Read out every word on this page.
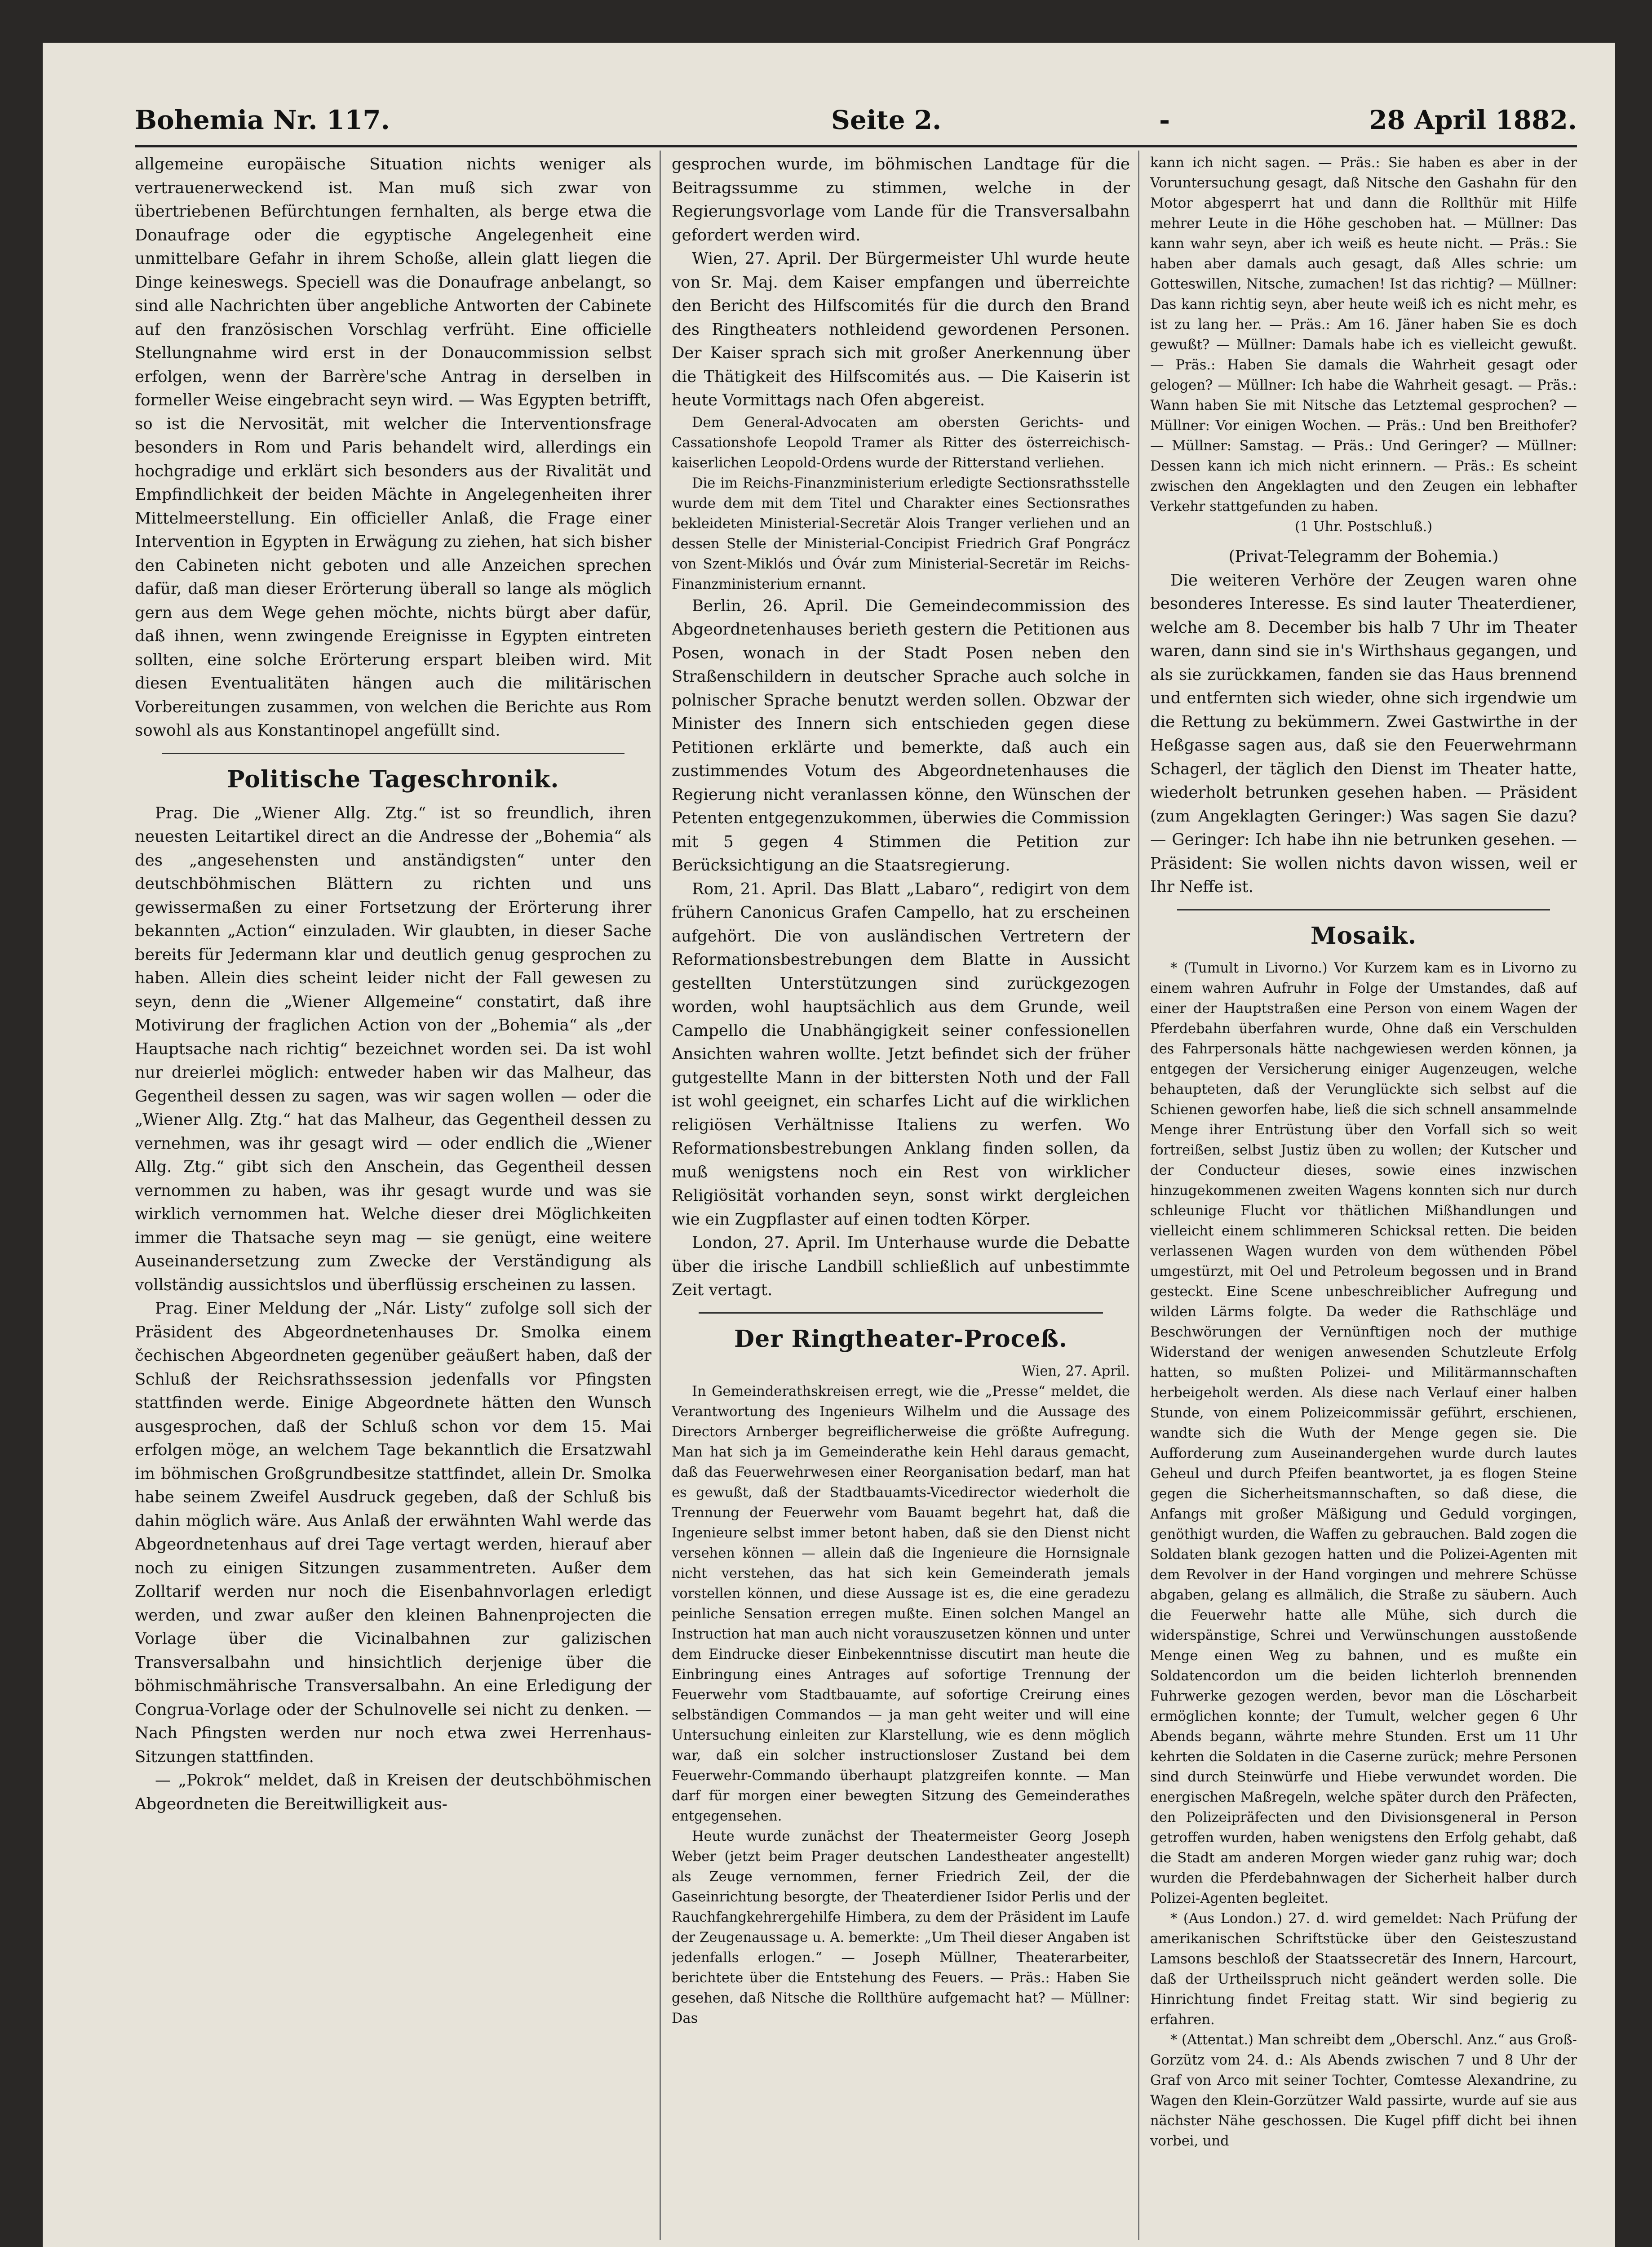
Bohemia Nr. 117.	Seite 2.	-	28 April 1882.

allgemeine europäische Situation nichts weniger als vertrauenerweckend ist. Man muß sich zwar von übertriebenen Befürchtungen fernhalten, als berge etwa die Donaufrage oder die egyptische Angelegenheit eine unmittelbare Gefahr in ihrem Schoße, allein glatt liegen die Dinge keineswegs. Speciell was die Donaufrage anbelangt, so sind alle Nachrichten über angebliche Antworten der Cabinete auf den französischen Vorschlag verfrüht. Eine officielle Stellungnahme wird erst in der Donaucommission selbst erfolgen, wenn der Barrère'sche Antrag in derselben in formeller Weise eingebracht seyn wird. — Was Egypten betrifft, so ist die Nervosität, mit welcher die Interventionsfrage besonders in Rom und Paris behandelt wird, allerdings ein hochgradige und erklärt sich besonders aus der Rivalität und Empfindlichkeit der beiden Mächte in Angelegenheiten ihrer Mittelmeerstellung. Ein officieller Anlaß, die Frage einer Intervention in Egypten in Erwägung zu ziehen, hat sich bisher den Cabineten nicht geboten und alle Anzeichen sprechen dafür, daß man dieser Erörterung überall so lange als möglich gern aus dem Wege gehen möchte, nichts bürgt aber dafür, daß ihnen, wenn zwingende Ereignisse in Egypten eintreten sollten, eine solche Erörterung erspart bleiben wird. Mit diesen Eventualitäten hängen auch die militärischen Vorbereitungen zusammen, von welchen die Berichte aus Rom sowohl als aus Konstantinopel angefüllt sind.

Politische Tageschronik.

Prag. Die „Wiener Allg. Ztg.“ ist so freundlich, ihren neuesten Leitartikel direct an die Andresse der „Bohemia“ als des „angesehensten und anständigsten“ unter den deutschböhmischen Blättern zu richten und uns gewissermaßen zu einer Fortsetzung der Erörterung ihrer bekannten „Action“ einzuladen. Wir glaubten, in dieser Sache bereits für Jedermann klar und deutlich genug gesprochen zu haben. Allein dies scheint leider nicht der Fall gewesen zu seyn, denn die „Wiener Allgemeine“ constatirt, daß ihre Motivirung der fraglichen Action von der „Bohemia“ als „der Hauptsache nach richtig“ bezeichnet worden sei. Da ist wohl nur dreierlei möglich: entweder haben wir das Malheur, das Gegentheil dessen zu sagen, was wir sagen wollen — oder die „Wiener Allg. Ztg.“ hat das Malheur, das Gegentheil dessen zu vernehmen, was ihr gesagt wird — oder endlich die „Wiener Allg. Ztg.“ gibt sich den Anschein, das Gegentheil dessen vernommen zu haben, was ihr gesagt wurde und was sie wirklich vernommen hat. Welche dieser drei Möglichkeiten immer die Thatsache seyn mag — sie genügt, eine weitere Auseinandersetzung zum Zwecke der Verständigung als vollständig aussichtslos und überflüssig erscheinen zu lassen.

Prag. Einer Meldung der „Nár. Listy“ zufolge soll sich der Präsident des Abgeordnetenhauses Dr. Smolka einem čechischen Abgeordneten gegenüber geäußert haben, daß der Schluß der Reichsrathssession jedenfalls vor Pfingsten stattfinden werde. Einige Abgeordnete hätten den Wunsch ausgesprochen, daß der Schluß schon vor dem 15. Mai erfolgen möge, an welchem Tage bekanntlich die Ersatzwahl im böhmischen Großgrundbesitze stattfindet, allein Dr. Smolka habe seinem Zweifel Ausdruck gegeben, daß der Schluß bis dahin möglich wäre. Aus Anlaß der erwähnten Wahl werde das Abgeordnetenhaus auf drei Tage vertagt werden, hierauf aber noch zu einigen Sitzungen zusammentreten. Außer dem Zolltarif werden nur noch die Eisenbahnvorlagen erledigt werden, und zwar außer den kleinen Bahnenprojecten die Vorlage über die Vicinalbahnen zur galizischen Transversalbahn und hinsichtlich derjenige über die böhmischmährische Transversalbahn. An eine Erledigung der Congrua-Vorlage oder der Schulnovelle sei nicht zu denken. — Nach Pfingsten werden nur noch etwa zwei Herrenhaus-Sitzungen stattfinden.

— „Pokrok“ meldet, daß in Kreisen der deutschböhmischen Abgeordneten die Bereitwilligkeit aus-

gesprochen wurde, im böhmischen Landtage für die Beitragssumme zu stimmen, welche in der Regierungsvorlage vom Lande für die Transversalbahn gefordert werden wird.

Wien, 27. April. Der Bürgermeister Uhl wurde heute von Sr. Maj. dem Kaiser empfangen und überreichte den Bericht des Hilfscomités für die durch den Brand des Ringtheaters nothleidend gewordenen Personen. Der Kaiser sprach sich mit großer Anerkennung über die Thätigkeit des Hilfscomités aus. — Die Kaiserin ist heute Vormittags nach Ofen abgereist.

Dem General-Advocaten am obersten Gerichts- und Cassationshofe Leopold Tramer als Ritter des österreichisch-kaiserlichen Leopold-Ordens wurde der Ritterstand verliehen.

Die im Reichs-Finanzministerium erledigte Sectionsrathsstelle wurde dem mit dem Titel und Charakter eines Sectionsrathes bekleideten Ministerial-Secretär Alois Tranger verliehen und an dessen Stelle der Ministerial-Concipist Friedrich Graf Pongrácz von Szent-Miklós und Óvár zum Ministerial-Secretär im Reichs-Finanzministerium ernannt.

Berlin, 26. April. Die Gemeindecommission des Abgeordnetenhauses berieth gestern die Petitionen aus Posen, wonach in der Stadt Posen neben den Straßenschildern in deutscher Sprache auch solche in polnischer Sprache benutzt werden sollen. Obzwar der Minister des Innern sich entschieden gegen diese Petitionen erklärte und bemerkte, daß auch ein zustimmendes Votum des Abgeordnetenhauses die Regierung nicht veranlassen könne, den Wünschen der Petenten entgegenzukommen, überwies die Commission mit 5 gegen 4 Stimmen die Petition zur Berücksichtigung an die Staatsregierung.

Rom, 21. April. Das Blatt „Labaro“, redigirt von dem frühern Canonicus Grafen Campello, hat zu erscheinen aufgehört. Die von ausländischen Vertretern der Reformationsbestrebungen dem Blatte in Aussicht gestellten Unterstützungen sind zurückgezogen worden, wohl hauptsächlich aus dem Grunde, weil Campello die Unabhängigkeit seiner confessionellen Ansichten wahren wollte. Jetzt befindet sich der früher gutgestellte Mann in der bittersten Noth und der Fall ist wohl geeignet, ein scharfes Licht auf die wirklichen religiösen Verhältnisse Italiens zu werfen. Wo Reformationsbestrebungen Anklang finden sollen, da muß wenigstens noch ein Rest von wirklicher Religiösität vorhanden seyn, sonst wirkt dergleichen wie ein Zugpflaster auf einen todten Körper.

London, 27. April. Im Unterhause wurde die Debatte über die irische Landbill schließlich auf unbestimmte Zeit vertagt.

Der Ringtheater-Proceß.

Wien, 27. April.

In Gemeinderathskreisen erregt, wie die „Presse“ meldet, die Verantwortung des Ingenieurs Wilhelm und die Aussage des Directors Arnberger begreiflicherweise die größte Aufregung. Man hat sich ja im Gemeinderathe kein Hehl daraus gemacht, daß das Feuerwehrwesen einer Reorganisation bedarf, man hat es gewußt, daß der Stadtbauamts-Vicedirector wiederholt die Trennung der Feuerwehr vom Bauamt begehrt hat, daß die Ingenieure selbst immer betont haben, daß sie den Dienst nicht versehen können — allein daß die Ingenieure die Hornsignale nicht verstehen, das hat sich kein Gemeinderath jemals vorstellen können, und diese Aussage ist es, die eine geradezu peinliche Sensation erregen mußte. Einen solchen Mangel an Instruction hat man auch nicht vorauszusetzen können und unter dem Eindrucke dieser Einbekenntnisse discutirt man heute die Einbringung eines Antrages auf sofortige Trennung der Feuerwehr vom Stadtbauamte, auf sofortige Creirung eines selbständigen Commandos — ja man geht weiter und will eine Untersuchung einleiten zur Klarstellung, wie es denn möglich war, daß ein solcher instructionsloser Zustand bei dem Feuerwehr-Commando überhaupt platzgreifen konnte. — Man darf für morgen einer bewegten Sitzung des Gemeinderathes entgegensehen.

Heute wurde zunächst der Theatermeister Georg Joseph Weber (jetzt beim Prager deutschen Landestheater angestellt) als Zeuge vernommen, ferner Friedrich Zeil, der die Gaseinrichtung besorgte, der Theaterdiener Isidor Perlis und der Rauchfangkehrergehilfe Himbera, zu dem der Präsident im Laufe der Zeugenaussage u. A. bemerkte: „Um Theil dieser Angaben ist jedenfalls erlogen.“ — Joseph Müllner, Theaterarbeiter, berichtete über die Entstehung des Feuers. — Präs.: Haben Sie gesehen, daß Nitsche die Rollthüre aufgemacht hat? — Müllner: Das

kann ich nicht sagen. — Präs.: Sie haben es aber in der Voruntersuchung gesagt, daß Nitsche den Gashahn für den Motor abgesperrt hat und dann die Rollthür mit Hilfe mehrer Leute in die Höhe geschoben hat. — Müllner: Das kann wahr seyn, aber ich weiß es heute nicht. — Präs.: Sie haben aber damals auch gesagt, daß Alles schrie: um Gotteswillen, Nitsche, zumachen! Ist das richtig? — Müllner: Das kann richtig seyn, aber heute weiß ich es nicht mehr, es ist zu lang her. — Präs.: Am 16. Jäner haben Sie es doch gewußt? — Müllner: Damals habe ich es vielleicht gewußt. — Präs.: Haben Sie damals die Wahrheit gesagt oder gelogen? — Müllner: Ich habe die Wahrheit gesagt. — Präs.: Wann haben Sie mit Nitsche das Letztemal gesprochen? — Müllner: Vor einigen Wochen. — Präs.: Und ben Breithofer? — Müllner: Samstag. — Präs.: Und Geringer? — Müllner: Dessen kann ich mich nicht erinnern. — Präs.: Es scheint zwischen den Angeklagten und den Zeugen ein lebhafter Verkehr stattgefunden zu haben.

(1 Uhr. Postschluß.)

(Privat-Telegramm der Bohemia.)

Die weiteren Verhöre der Zeugen waren ohne besonderes Interesse. Es sind lauter Theaterdiener, welche am 8. December bis halb 7 Uhr im Theater waren, dann sind sie in's Wirthshaus gegangen, und als sie zurückkamen, fanden sie das Haus brennend und entfernten sich wieder, ohne sich irgendwie um die Rettung zu bekümmern. Zwei Gastwirthe in der Heßgasse sagen aus, daß sie den Feuerwehrmann Schagerl, der täglich den Dienst im Theater hatte, wiederholt betrunken gesehen haben. — Präsident (zum Angeklagten Geringer:) Was sagen Sie dazu? — Geringer: Ich habe ihn nie betrunken gesehen. — Präsident: Sie wollen nichts davon wissen, weil er Ihr Neffe ist.

Mosaik.

* (Tumult in Livorno.) Vor Kurzem kam es in Livorno zu einem wahren Aufruhr in Folge der Umstandes, daß auf einer der Hauptstraßen eine Person von einem Wagen der Pferdebahn überfahren wurde, Ohne daß ein Verschulden des Fahrpersonals hätte nachgewiesen werden können, ja entgegen der Versicherung einiger Augenzeugen, welche behaupteten, daß der Verunglückte sich selbst auf die Schienen geworfen habe, ließ die sich schnell ansammelnde Menge ihrer Entrüstung über den Vorfall sich so weit fortreißen, selbst Justiz üben zu wollen; der Kutscher und der Conducteur dieses, sowie eines inzwischen hinzugekommenen zweiten Wagens konnten sich nur durch schleunige Flucht vor thätlichen Mißhandlungen und vielleicht einem schlimmeren Schicksal retten. Die beiden verlassenen Wagen wurden von dem wüthenden Pöbel umgestürzt, mit Oel und Petroleum begossen und in Brand gesteckt. Eine Scene unbeschreiblicher Aufregung und wilden Lärms folgte. Da weder die Rathschläge und Beschwörungen der Vernünftigen noch der muthige Widerstand der wenigen anwesenden Schutzleute Erfolg hatten, so mußten Polizei- und Militärmannschaften herbeigeholt werden. Als diese nach Verlauf einer halben Stunde, von einem Polizeicommissär geführt, erschienen, wandte sich die Wuth der Menge gegen sie. Die Aufforderung zum Auseinandergehen wurde durch lautes Geheul und durch Pfeifen beantwortet, ja es flogen Steine gegen die Sicherheitsmannschaften, so daß diese, die Anfangs mit großer Mäßigung und Geduld vorgingen, genöthigt wurden, die Waffen zu gebrauchen. Bald zogen die Soldaten blank gezogen hatten und die Polizei-Agenten mit dem Revolver in der Hand vorgingen und mehrere Schüsse abgaben, gelang es allmälich, die Straße zu säubern. Auch die Feuerwehr hatte alle Mühe, sich durch die widerspänstige, Schrei und Verwünschungen ausstoßende Menge einen Weg zu bahnen, und es mußte ein Soldatencordon um die beiden lichterloh brennenden Fuhrwerke gezogen werden, bevor man die Löscharbeit ermöglichen konnte; der Tumult, welcher gegen 6 Uhr Abends begann, währte mehre Stunden. Erst um 11 Uhr kehrten die Soldaten in die Caserne zurück; mehre Personen sind durch Steinwürfe und Hiebe verwundet worden. Die energischen Maßregeln, welche später durch den Präfecten, den Polizeipräfecten und den Divisionsgeneral in Person getroffen wurden, haben wenigstens den Erfolg gehabt, daß die Stadt am anderen Morgen wieder ganz ruhig war; doch wurden die Pferdebahnwagen der Sicherheit halber durch Polizei-Agenten begleitet.

* (Aus London.) 27. d. wird gemeldet: Nach Prüfung der amerikanischen Schriftstücke über den Geisteszustand Lamsons beschloß der Staatssecretär des Innern, Harcourt, daß der Urtheilsspruch nicht geändert werden solle. Die Hinrichtung findet Freitag statt. Wir sind begierig zu erfahren.

* (Attentat.) Man schreibt dem „Oberschl. Anz.“ aus Groß-Gorzütz vom 24. d.: Als Abends zwischen 7 und 8 Uhr der Graf von Arco mit seiner Tochter, Comtesse Alexandrine, zu Wagen den Klein-Gorzützer Wald passirte, wurde auf sie aus nächster Nähe geschossen. Die Kugel pfiff dicht bei ihnen vorbei, und
